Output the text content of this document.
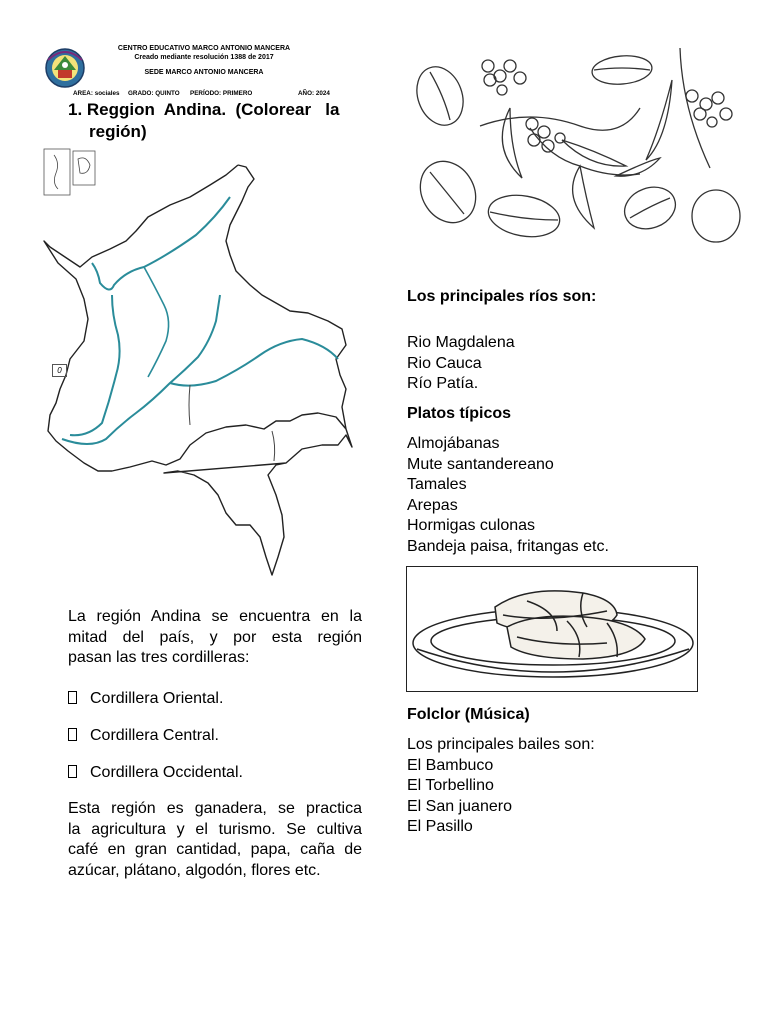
CENTRO EDUCATIVO MARCO ANTONIO MANCERA
Creado mediante resolución 1388 de 2017
SEDE MARCO ANTONIO MANCERA
AREA: sociales GRADO: QUINTO PERÍODO: PRIMERO	AÑO: 2024
1. Reggion  Andina.  (Colorear   la
región)
0
La región Andina se encuentra en la
mitad del país, y por esta región
pasan las tres cordilleras:
Cordillera Oriental.
Cordillera Central.
Cordillera Occidental.
Esta región es ganadera, se practica
la agricultura y el turismo. Se cultiva
café en gran cantidad, papa, caña de
azúcar, plátano, algodón, flores etc.
Los principales ríos son:
Rio Magdalena
Rio Cauca
Río Patía.
Platos típicos
Almojábanas
Mute santandereano
Tamales
Arepas
Hormigas culonas
Bandeja paisa, fritangas etc.
Folclor (Música)
Los principales bailes son:
El Bambuco
El Torbellino
El San juanero
El Pasillo
